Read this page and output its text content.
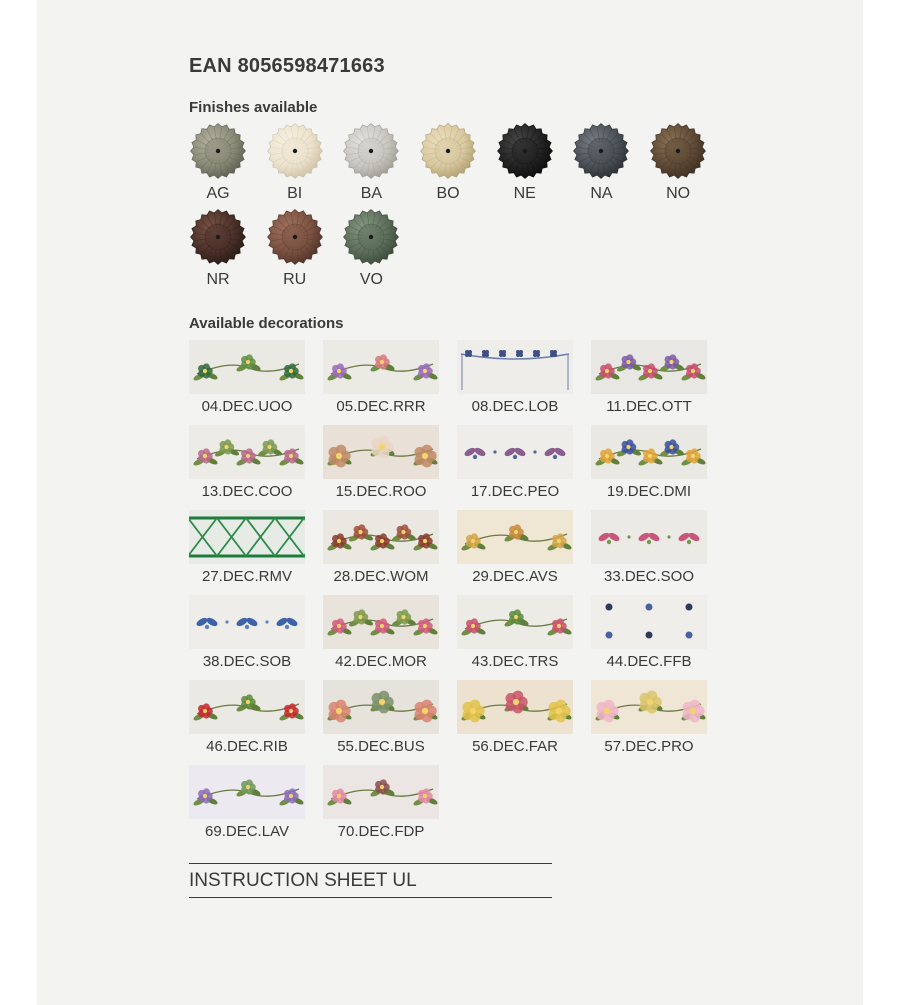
EAN 8056598471663
Finishes available
AG	BI	BA	BO	NE	NA	NO
NR	RU	VO
Available decorations
04.DEC.UOO	05.DEC.RRR	08.DEC.LOB	11.DEC.OTT
13.DEC.COO	15.DEC.ROO	17.DEC.PEO	19.DEC.DMI
27.DEC.RMV	28.DEC.WOM	29.DEC.AVS	33.DEC.SOO
38.DEC.SOB	42.DEC.MOR	43.DEC.TRS	44.DEC.FFB
46.DEC.RIB	55.DEC.BUS	56.DEC.FAR	57.DEC.PRO
69.DEC.LAV	70.DEC.FDP
INSTRUCTION SHEET UL
